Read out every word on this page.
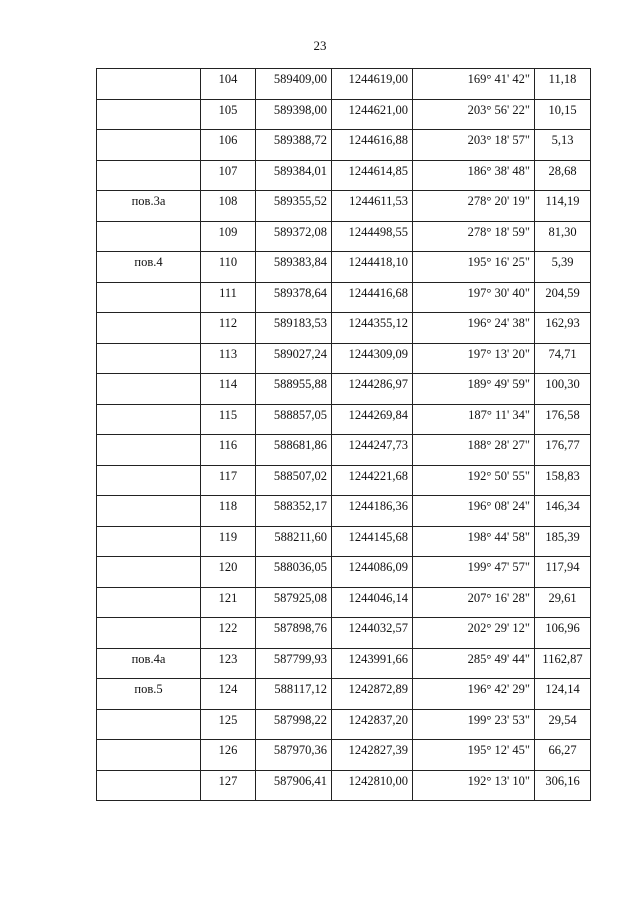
23
	104	589409,00	1244619,00	169° 41' 42"	11,18
	105	589398,00	1244621,00	203° 56' 22"	10,15
	106	589388,72	1244616,88	203° 18' 57"	5,13
	107	589384,01	1244614,85	186° 38' 48"	28,68
пов.3а	108	589355,52	1244611,53	278° 20' 19"	114,19
	109	589372,08	1244498,55	278° 18' 59"	81,30
пов.4	110	589383,84	1244418,10	195° 16' 25"	5,39
	111	589378,64	1244416,68	197° 30' 40"	204,59
	112	589183,53	1244355,12	196° 24' 38"	162,93
	113	589027,24	1244309,09	197° 13' 20"	74,71
	114	588955,88	1244286,97	189° 49' 59"	100,30
	115	588857,05	1244269,84	187° 11' 34"	176,58
	116	588681,86	1244247,73	188° 28' 27"	176,77
	117	588507,02	1244221,68	192° 50' 55"	158,83
	118	588352,17	1244186,36	196° 08' 24"	146,34
	119	588211,60	1244145,68	198° 44' 58"	185,39
	120	588036,05	1244086,09	199° 47' 57"	117,94
	121	587925,08	1244046,14	207° 16' 28"	29,61
	122	587898,76	1244032,57	202° 29' 12"	106,96
пов.4а	123	587799,93	1243991,66	285° 49' 44"	1162,87
пов.5	124	588117,12	1242872,89	196° 42' 29"	124,14
	125	587998,22	1242837,20	199° 23' 53"	29,54
	126	587970,36	1242827,39	195° 12' 45"	66,27
	127	587906,41	1242810,00	192° 13' 10"	306,16
